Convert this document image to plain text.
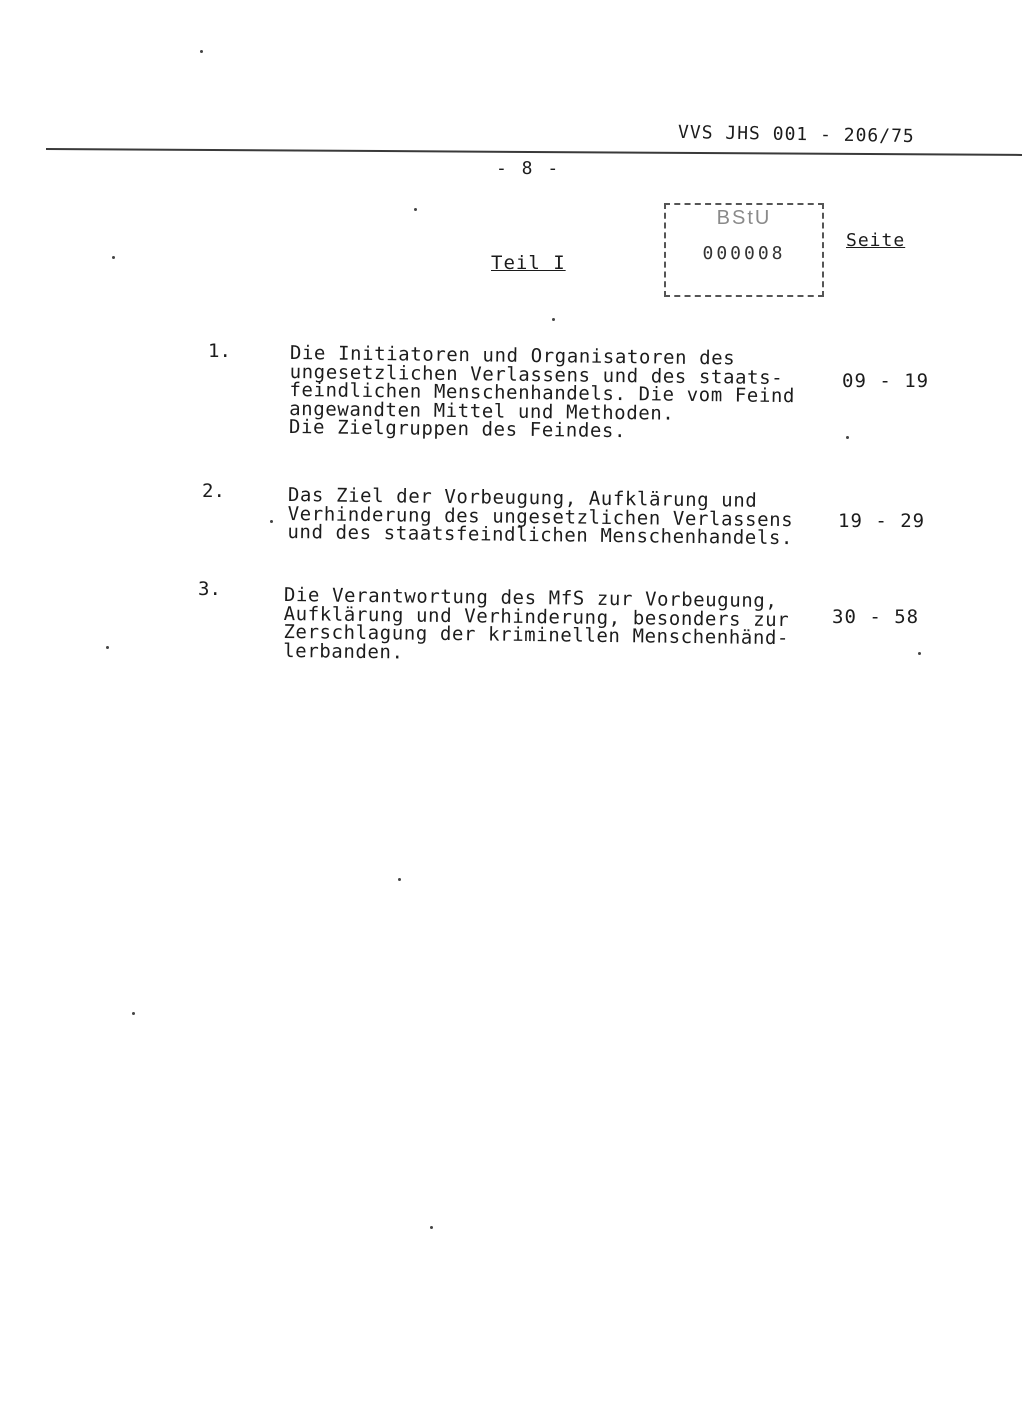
VVS JHS 001 - 206/75
- 8 -
BStU
000008
Teil I
Seite
1.	Die Initiatoren und Organisatoren des
ungesetzlichen Verlassens und des staats-
feindlichen Menschenhandels. Die vom Feind
angewandten Mittel und Methoden.
Die Zielgruppen des Feindes.
09 - 19
2.	Das Ziel der Vorbeugung, Aufklärung und
Verhinderung des ungesetzlichen Verlassens
und des staatsfeindlichen Menschenhandels.
19 - 29
3.	Die Verantwortung des MfS zur Vorbeugung,
Aufklärung und Verhinderung, besonders zur
Zerschlagung der kriminellen Menschenhänd-
lerbanden.
30 - 58
